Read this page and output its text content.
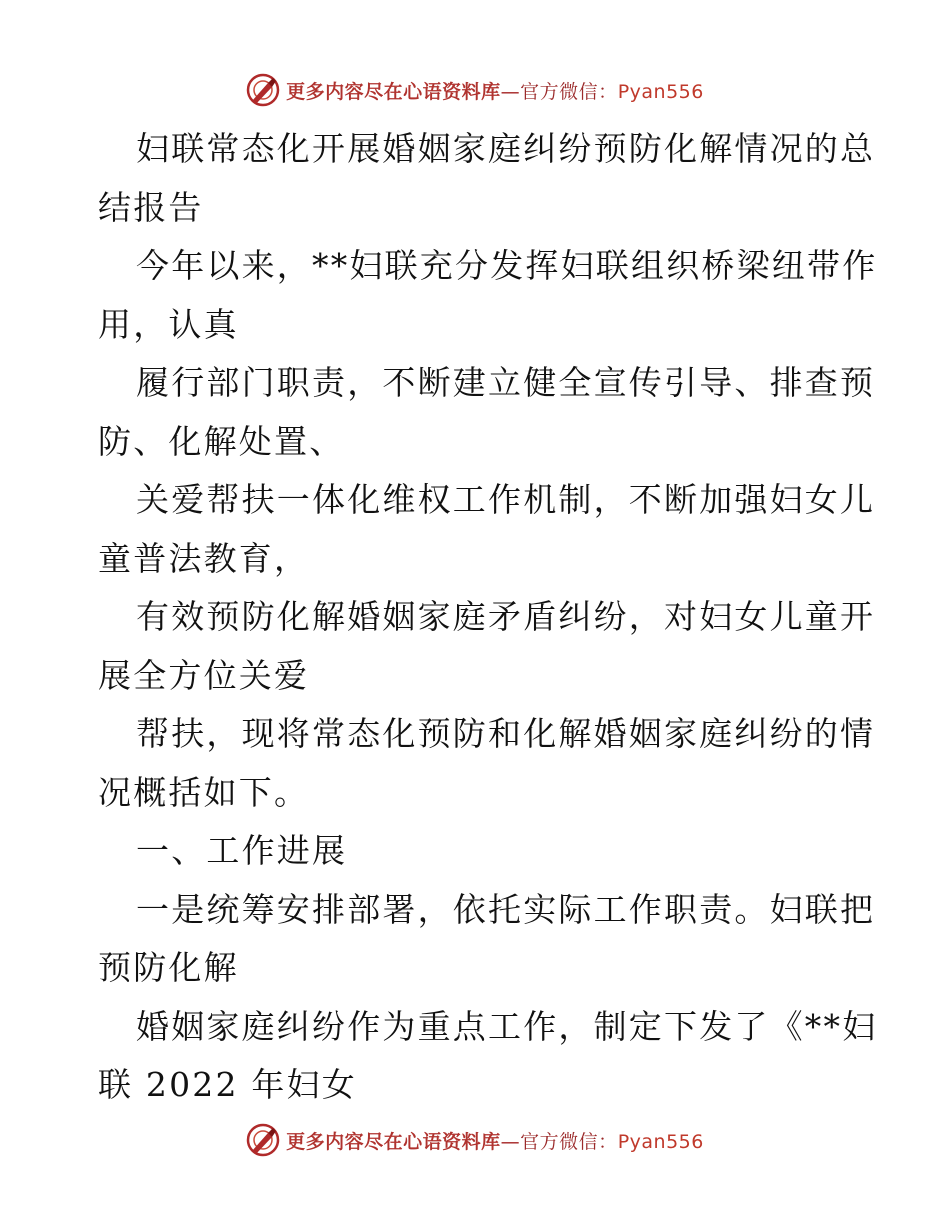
更多内容尽在心语资料库—官方微信：Pyan556
妇联常态化开展婚姻家庭纠纷预防化解情况的总
结报告
今年以来，**妇联充分发挥妇联组织桥梁纽带作
用，认真
履行部门职责，不断建立健全宣传引导、排查预
防、化解处置、
关爱帮扶一体化维权工作机制，不断加强妇女儿
童普法教育，
有效预防化解婚姻家庭矛盾纠纷，对妇女儿童开
展全方位关爱
帮扶，现将常态化预防和化解婚姻家庭纠纷的情
况概括如下。
一、工作进展
一是统筹安排部署，依托实际工作职责。妇联把
预防化解
婚姻家庭纠纷作为重点工作，制定下发了《**妇
联 2022 年妇女
更多内容尽在心语资料库—官方微信：Pyan556
